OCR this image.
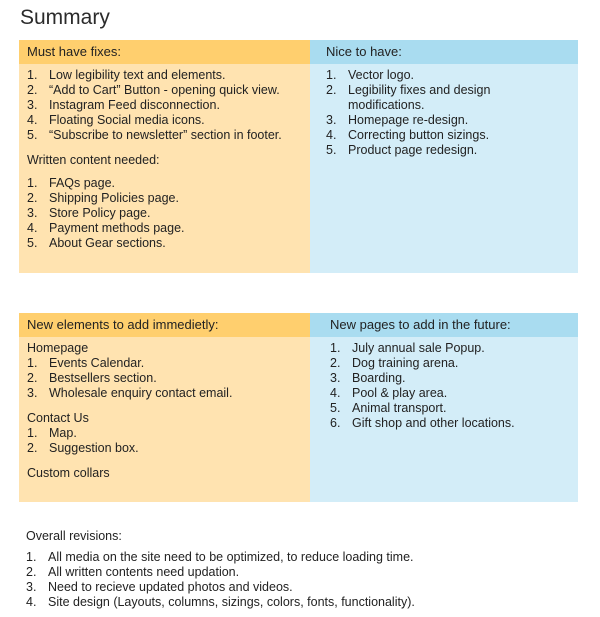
Summary
Must have fixes:
1. Low legibility text and elements.
2. “Add to Cart” Button - opening quick view.
3. Instagram Feed disconnection.
4. Floating Social media icons.
5. “Subscribe to newsletter” section in footer.
Written content needed:
1. FAQs page.
2. Shipping Policies page.
3. Store Policy page.
4. Payment methods page.
5. About Gear sections.
Nice to have:
1. Vector logo.
2. Legibility fixes and design modifications.
3. Homepage re-design.
4. Correcting button sizings.
5. Product page redesign.
New elements to add immedietly:
Homepage
1. Events Calendar.
2. Bestsellers section.
3. Wholesale enquiry contact email.
Contact Us
1. Map.
2. Suggestion box.
Custom collars
New pages to add in the future:
1. July annual sale Popup.
2. Dog training arena.
3. Boarding.
4. Pool & play area.
5. Animal transport.
6. Gift shop and other locations.
Overall revisions:
1. All media on the site need to be optimized, to reduce loading time.
2. All written contents need updation.
3. Need to recieve updated photos and videos.
4. Site design (Layouts, columns, sizings, colors, fonts, functionality).
